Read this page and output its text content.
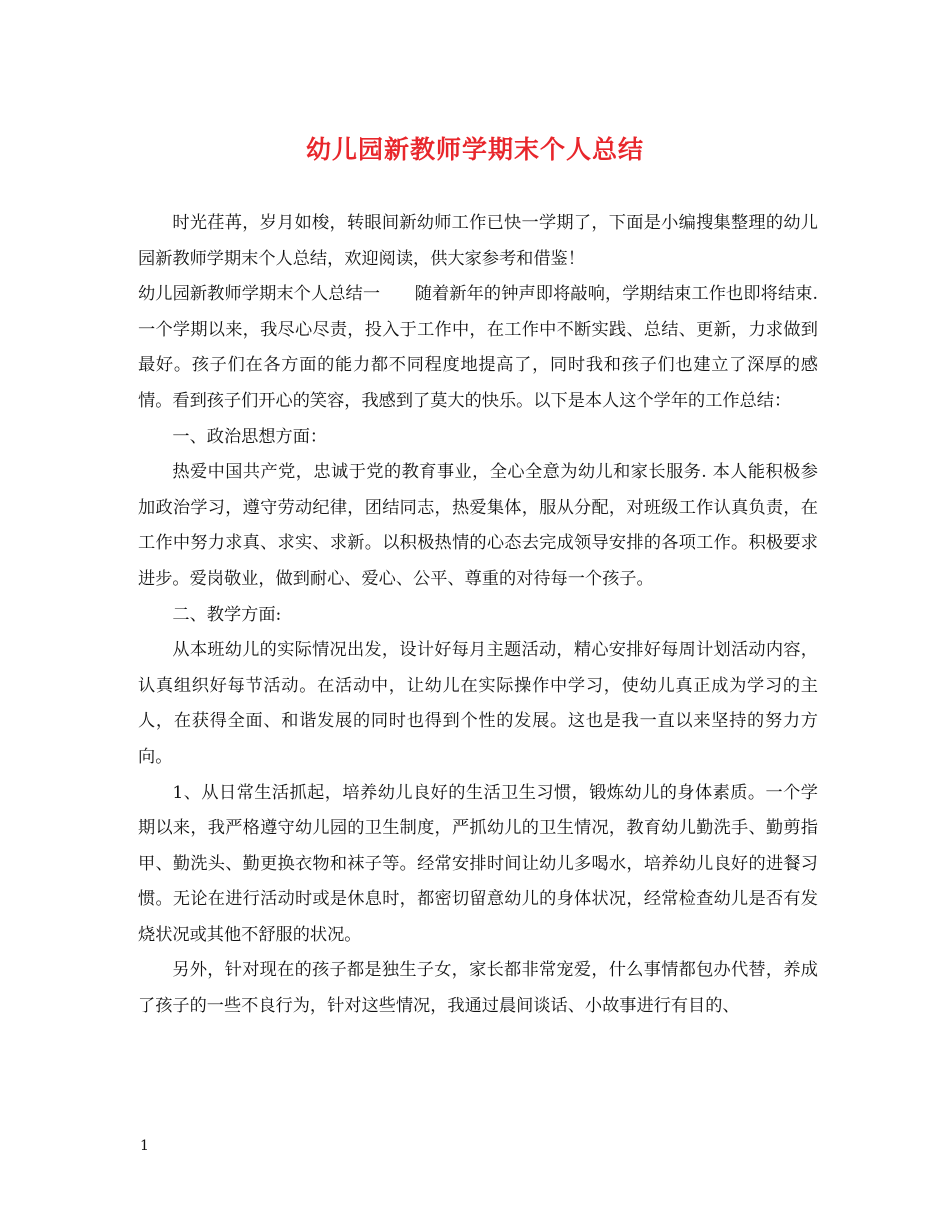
幼儿园新教师学期末个人总结

时光荏苒，岁月如梭，转眼间新幼师工作已快一学期了，下面是小编搜集整理的幼儿园新教师学期末个人总结，欢迎阅读，供大家参考和借鉴！

幼儿园新教师学期末个人总结一　　随着新年的钟声即将敲响，学期结束工作也即将结束.一个学期以来，我尽心尽责，投入于工作中，在工作中不断实践、总结、更新，力求做到最好。孩子们在各方面的能力都不同程度地提高了，同时我和孩子们也建立了深厚的感情。看到孩子们开心的笑容，我感到了莫大的快乐。以下是本人这个学年的工作总结：

一、政治思想方面：

热爱中国共产党，忠诚于党的教育事业，全心全意为幼儿和家长服务. 本人能积极参加政治学习，遵守劳动纪律，团结同志，热爱集体，服从分配，对班级工作认真负责，在工作中努力求真、求实、求新。以积极热情的心态去完成领导安排的各项工作。积极要求进步。爱岗敬业，做到耐心、爱心、公平、尊重的对待每一个孩子。

二、教学方面:

从本班幼儿的实际情况出发，设计好每月主题活动，精心安排好每周计划活动内容，认真组织好每节活动。在活动中，让幼儿在实际操作中学习，使幼儿真正成为学习的主人，在获得全面、和谐发展的同时也得到个性的发展。这也是我一直以来坚持的努力方向。

1、从日常生活抓起，培养幼儿良好的生活卫生习惯，锻炼幼儿的身体素质。一个学期以来，我严格遵守幼儿园的卫生制度，严抓幼儿的卫生情况，教育幼儿勤洗手、勤剪指甲、勤洗头、勤更换衣物和袜子等。经常安排时间让幼儿多喝水，培养幼儿良好的进餐习惯。无论在进行活动时或是休息时，都密切留意幼儿的身体状况，经常检查幼儿是否有发烧状况或其他不舒服的状况。

另外，针对现在的孩子都是独生子女，家长都非常宠爱，什么事情都包办代替，养成了孩子的一些不良行为，针对这些情况，我通过晨间谈话、小故事进行有目的、

1
